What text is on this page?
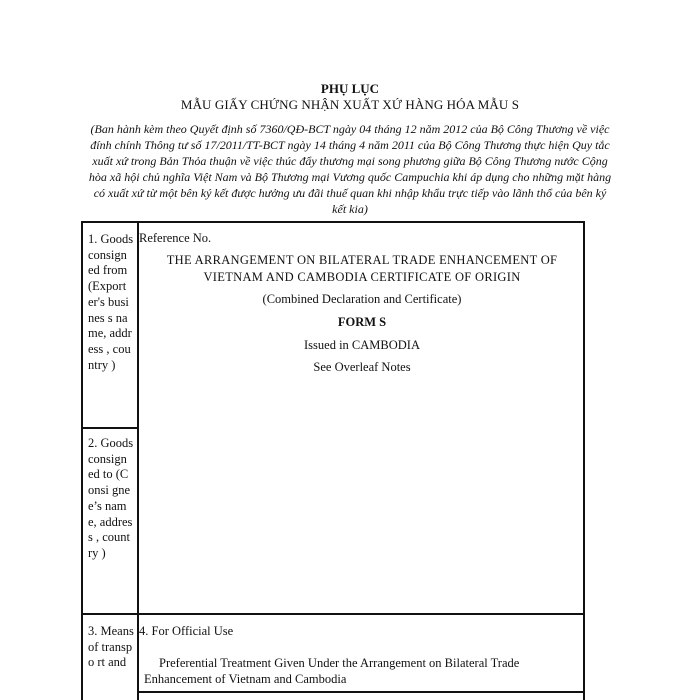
PHỤ LỤC
MẪU GIẤY CHỨNG NHẬN XUẤT XỨ HÀNG HÓA MẪU S
(Ban hành kèm theo Quyết định số 7360/QĐ-BCT ngày 04 tháng 12 năm 2012 của Bộ Công Thương về việc đính chính Thông tư số 17/2011/TT-BCT ngày 14 tháng 4 năm 2011 của Bộ Công Thương thực hiện Quy tắc xuất xứ trong Bản Thỏa thuận về việc thúc đẩy thương mại song phương giữa Bộ Công Thương nước Cộng hòa xã hội chủ nghĩa Việt Nam và Bộ Thương mại Vương quốc Campuchia khi áp dụng cho những mặt hàng có xuất xứ từ một bên ký kết được hưởng ưu đãi thuế quan khi nhập khẩu trực tiếp vào lãnh thổ của bên ký kết kia)
1. Goods consign ed from (Export er's busines s name, address , country )
2. Goods consign ed to (Consi gnee’s name, address , country )
3. Means of transpo rt and
Reference No.
THE ARRANGEMENT ON BILATERAL TRADE ENHANCEMENT OF
VIETNAM AND CAMBODIA CERTIFICATE OF ORIGIN
(Combined Declaration and Certificate)
FORM S
Issued in CAMBODIA
See Overleaf Notes
4. For Official Use
Preferential Treatment Given Under the Arrangement on Bilateral Trade Enhancement of Vietnam and Cambodia
